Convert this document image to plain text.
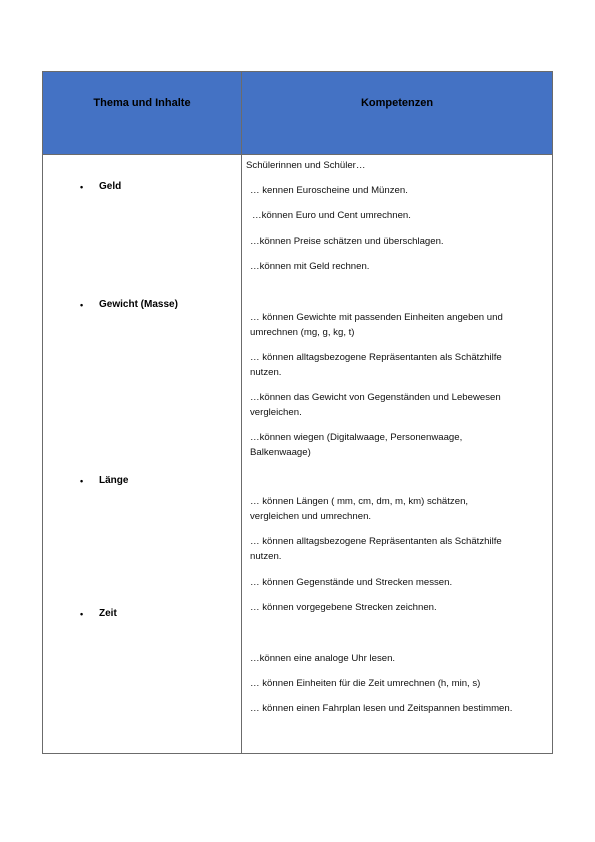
Thema und Inhalte	Kompetenzen
• Geld
• Gewicht (Masse)
• Länge
• Zeit
Schülerinnen und Schüler…
… kennen Euroscheine und Münzen.
…können Euro und Cent umrechnen.
…können Preise schätzen und überschlagen.
…können mit Geld rechnen.
… können Gewichte mit passenden Einheiten angeben und
umrechnen (mg, g, kg, t)
… können alltagsbezogene Repräsentanten als Schätzhilfe
nutzen.
…können das Gewicht von Gegenständen und Lebewesen
vergleichen.
…können wiegen (Digitalwaage, Personenwaage,
Balkenwaage)
… können Längen ( mm, cm, dm, m, km) schätzen,
vergleichen und umrechnen.
… können alltagsbezogene Repräsentanten als Schätzhilfe
nutzen.
… können Gegenstände und Strecken messen.
… können vorgegebene Strecken zeichnen.
…können eine analoge Uhr lesen.
… können Einheiten für die Zeit umrechnen (h, min, s)
… können einen Fahrplan lesen und Zeitspannen bestimmen.
